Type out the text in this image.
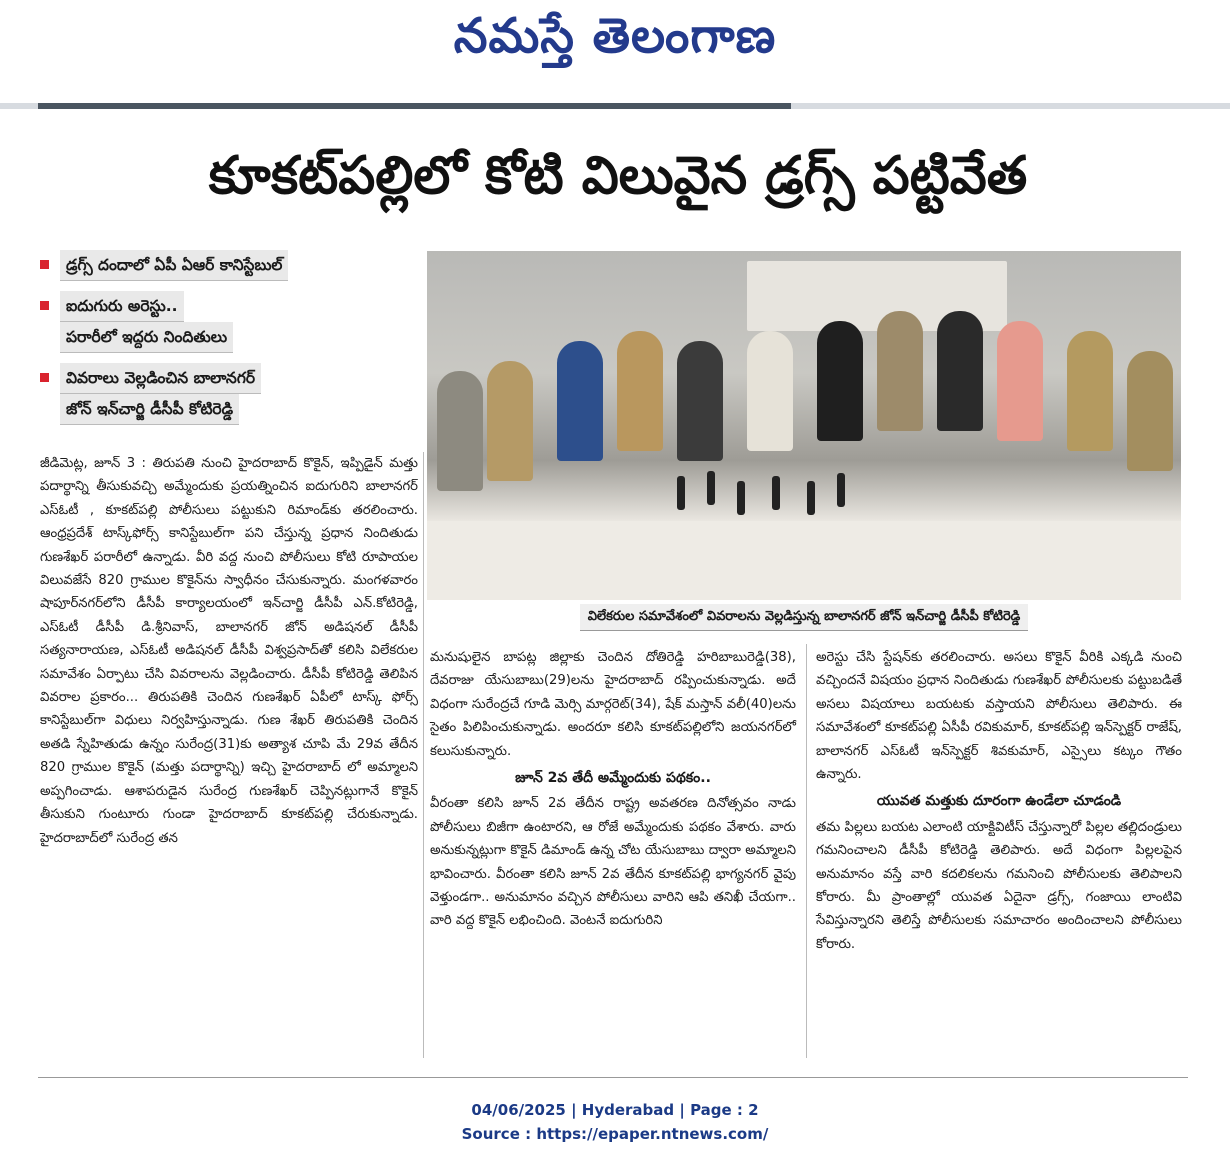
నమస్తే తెలంగాణ
కూకట్‌పల్లిలో కోటి విలువైన డ్రగ్స్ పట్టివేత
డ్రగ్స్ దందాలో ఏపీ ఏఆర్ కానిస్టేబుల్
ఐదుగురు అరెస్టు..
పరారీలో ఇద్దరు నిందితులు
వివరాలు వెల్లడించిన బాలానగర్
జోన్ ఇన్‌చార్జి డీసీపీ కోటిరెడ్డి
విలేకరుల సమావేశంలో వివరాలను వెల్లడిస్తున్న బాలానగర్ జోన్ ఇన్‌చార్జి డీసీపీ కోటిరెడ్డి

జీడిమెట్ల, జూన్ 3 : తిరుపతి నుంచి హైదరాబాద్ కొకైన్, ఇప్పిడైన్ మత్తు పదార్థాన్ని తీసుకువచ్చి అమ్మేందుకు ప్రయత్నించిన ఐదుగురిని బాలానగర్ ఎస్ఓటీ , కూకట్‌పల్లి పోలీసులు పట్టుకుని రిమాండ్‌కు తరలించారు. ఆంధ్రప్రదేశ్ టాస్క్‌ఫోర్స్ కానిస్టేబుల్‌గా పని చేస్తున్న ప్రధాన నిందితుడు గుణశేఖర్ పరారీలో ఉన్నాడు. వీరి వద్ద నుంచి పోలీసులు కోటి రూపాయల విలువజేసే 820 గ్రాముల కొకైన్‌ను స్వాధీనం చేసుకున్నారు. మంగళవారం షాపూర్‌నగర్‌లోని డీసీపీ కార్యాలయంలో ఇన్‌చార్జి డీసీపీ ఎన్.కోటిరెడ్డి, ఎస్ఓటీ డీసీపీ డి.శ్రీనివాస్, బాలానగర్ జోన్ అడిషనల్ డీసీపీ సత్యనారాయణ, ఎస్ఓటీ అడిషనల్ డీసీపీ విశ్వప్రసాద్‌తో కలిసి విలేకరుల సమావేశం ఏర్పాటు చేసి వివరాలను వెల్లడించారు. డీసీపీ కోటిరెడ్డి తెలిపిన వివరాల ప్రకారం... తిరుపతికి చెందిన గుణశేఖర్ ఏపీలో టాస్క్ ఫోర్స్ కానిస్టేబుల్‌గా విధులు నిర్వహిస్తున్నాడు. గుణ శేఖర్ తిరుపతికి చెందిన అతడి స్నేహితుడు ఉన్నం సురేంద్ర(31)కు అత్యాశ చూపి మే 29వ తేదీన 820 గ్రాముల కొకైన్ (మత్తు పదార్థాన్ని) ఇచ్చి హైదరాబాద్ లో అమ్మాలని అప్పగించాడు. ఆశాపరుడైన సురేంద్ర గుణశేఖర్ చెప్పినట్లుగానే కొకైన్ తీసుకుని గుంటూరు గుండా హైదరాబాద్ కూకట్‌పల్లి చేరుకున్నాడు. హైదరాబాద్‌లో సురేంద్ర తన

మనుషులైన బాపట్ల జిల్లాకు చెందిన దోతిరెడ్డి హరిబాబురెడ్డి(38), దేవరాజు యేసుబాబు(29)లను హైదరాబాద్ రప్పించుకున్నాడు. అదే విధంగా సురేంద్రచే గూడి మెర్సి మార్గరెట్(34), షేక్ మస్తాన్ వలీ(40)లను సైతం పిలిపించుకున్నాడు. అందరూ కలిసి కూకట్‌పల్లిలోని జయనగర్‌లో కలుసుకున్నారు.

జూన్ 2వ తేదీ అమ్మేందుకు పథకం..

వీరంతా కలిసి జూన్ 2వ తేదీన రాష్ట్ర అవతరణ దినోత్సవం నాడు పోలీసులు బిజీగా ఉంటారని, ఆ రోజే అమ్మేందుకు పథకం వేశారు. వారు అనుకున్నట్లుగా కొకైన్ డిమాండ్ ఉన్న చోట యేసుబాబు ద్వారా అమ్మాలని భావించారు. వీరంతా కలిసి జూన్ 2వ తేదీన కూకట్‌పల్లి భాగ్యనగర్ వైపు వెళ్తుండగా.. అనుమానం వచ్చిన పోలీసులు వారిని ఆపి తనిఖీ చేయగా.. వారి వద్ద కొకైన్ లభించింది. వెంటనే ఐదుగురిని

అరెస్టు చేసి స్టేషన్‌కు తరలించారు. అసలు కొకైన్ వీరికి ఎక్కడి నుంచి వచ్చిందనే విషయం ప్రధాన నిందితుడు గుణశేఖర్ పోలీసులకు పట్టుబడితే అసలు విషయాలు బయటకు వస్తాయని పోలీసులు తెలిపారు. ఈ సమావేశంలో కూకట్‌పల్లి ఏసీపీ రవికుమార్, కూకట్‌పల్లి ఇన్‌స్పెక్టర్ రాజేష్, బాలానగర్ ఎస్ఓటీ ఇన్‌స్పెక్టర్ శివకుమార్, ఎస్సైలు కట్కం గౌతం ఉన్నారు.

యువత మత్తుకు దూరంగా ఉండేలా చూడండి

తమ పిల్లలు బయట ఎలాంటి యాక్టివిటీస్ చేస్తున్నారో పిల్లల తల్లిదండ్రులు గమనించాలని డీసీపీ కోటిరెడ్డి తెలిపారు. అదే విధంగా పిల్లలపైన అనుమానం వస్తే వారి కదలికలను గమనించి పోలీసులకు తెలిపాలని కోరారు. మీ ప్రాంతాల్లో యువత ఏదైనా డ్రగ్స్, గంజాయి లాంటివి సేవిస్తున్నారని తెలిస్తే పోలీసులకు సమాచారం అందించాలని పోలీసులు కోరారు.

04/06/2025 | Hyderabad | Page : 2
Source : https://epaper.ntnews.com/
